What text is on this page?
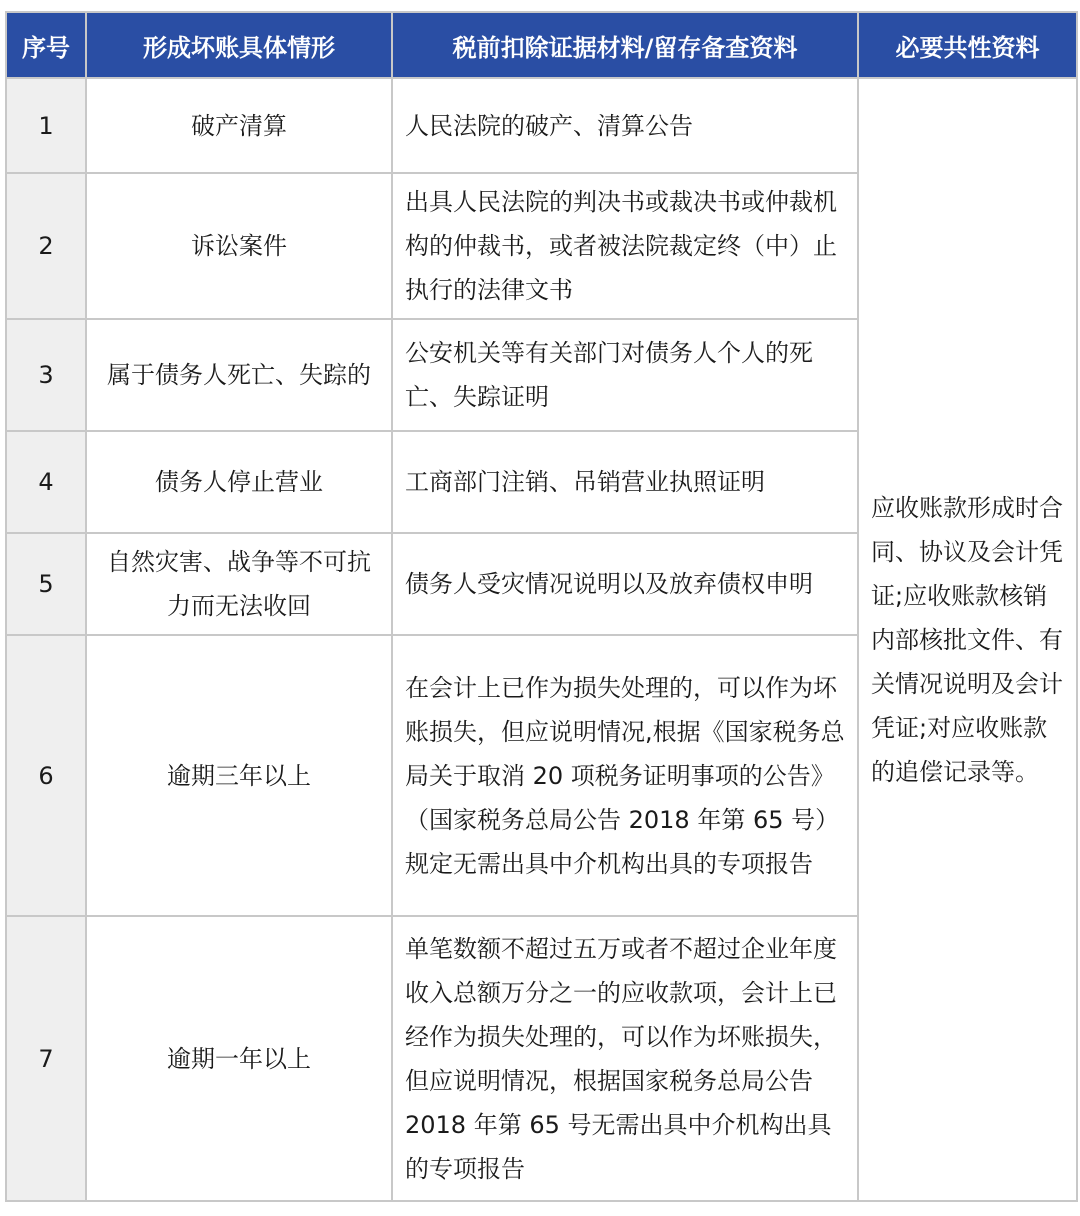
序号	形成坏账具体情形	税前扣除证据材料/留存备查资料	必要共性资料
1	破产清算	人民法院的破产、清算公告	应收账款形成时合同、协议及会计凭证;应收账款核销内部核批文件、有关情况说明及会计凭证;对应收账款的追偿记录等。

2	诉讼案件	出具人民法院的判决书或裁决书或仲裁机构的仲裁书，或者被法院裁定终（中）止执行的法律文书	

3	属于债务人死亡、失踪的	公安机关等有关部门对债务人个人的死亡、失踪证明	

4	债务人停止营业	工商部门注销、吊销营业执照证明	

5	自然灾害、战争等不可抗力而无法收回	债务人受灾情况说明以及放弃债权申明	

6	逾期三年以上	在会计上已作为损失处理的，可以作为坏账损失，但应说明情况,根据《国家税务总局关于取消 20 项税务证明事项的公告》（国家税务总局公告 2018 年第 65 号）规定无需出具中介机构出具的专项报告	

7	逾期一年以上	单笔数额不超过五万或者不超过企业年度收入总额万分之一的应收款项，会计上已经作为损失处理的，可以作为坏账损失，但应说明情况，根据国家税务总局公告 2018 年第 65 号无需出具中介机构出具的专项报告	
